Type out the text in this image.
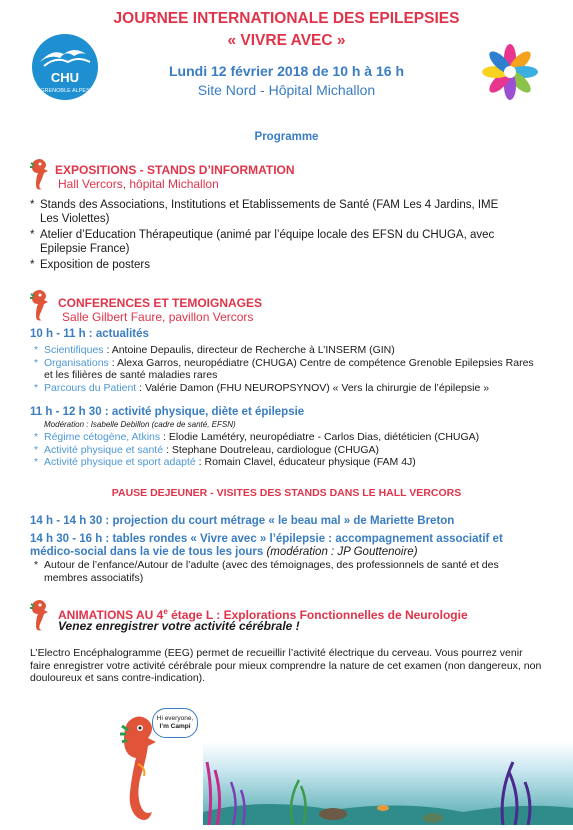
CHU
GRENOBLE ALPES
JOURNEE INTERNATIONALE DES EPILEPSIES
« VIVRE AVEC »
Lundi 12 février 2018 de 10 h à 16 h
Site Nord - Hôpital Michallon
Programme
EXPOSITIONS - STANDS D’INFORMATION
Hall Vercors, hôpital Michallon
* Stands des Associations, Institutions et Etablissements de Santé (FAM Les 4 Jardins, IME Les Violettes)
* Atelier d’Education Thérapeutique (animé par l’équipe locale des EFSN du CHUGA, avec Epilepsie France)
* Exposition de posters
CONFERENCES ET TEMOIGNAGES
Salle Gilbert Faure, pavillon Vercors
10 h - 11 h : actualités
* Scientifiques : Antoine Depaulis, directeur de Recherche à L’INSERM (GIN)
* Organisations : Alexa Garros, neuropédiatre (CHUGA) Centre de compétence Grenoble Epilepsies Rares et les filières de santé maladies rares
* Parcours du Patient : Valérie Damon (FHU NEUROPSYNOV) « Vers la chirurgie de l’épilepsie »
11 h - 12 h 30 : activité physique, diète et épilepsie
Modération : Isabelle Debillon (cadre de santé, EFSN)
* Régime cétogène, Atkins : Elodie Lamétéry, neuropédiatre - Carlos Dias, diététicien (CHUGA)
* Activité physique et santé : Stephane Doutreleau, cardiologue (CHUGA)
* Activité physique et sport adapté : Romain Clavel, éducateur physique (FAM 4J)
PAUSE DEJEUNER - VISITES DES STANDS DANS LE HALL VERCORS
14 h - 14 h 30 : projection du court métrage « le beau mal » de Mariette Breton
14 h 30 - 16 h : tables rondes « Vivre avec » l’épilepsie : accompagnement associatif et médico-social dans la vie de tous les jours (modération : JP Gouttenoire)
* Autour de l’enfance/Autour de l’adulte (avec des témoignages, des professionnels de santé et des membres associatifs)
ANIMATIONS AU 4e étage L : Explorations Fonctionnelles de Neurologie
Venez enregistrer votre activité cérébrale !
L’Electro Encéphalogramme (EEG) permet de recueillir l’activité électrique du cerveau. Vous pourrez venir faire enregistrer votre activité cérébrale pour mieux comprendre la nature de cet examen (non dangereux, non douloureux et sans contre-indication).
Hi everyone,
I’m Campi
